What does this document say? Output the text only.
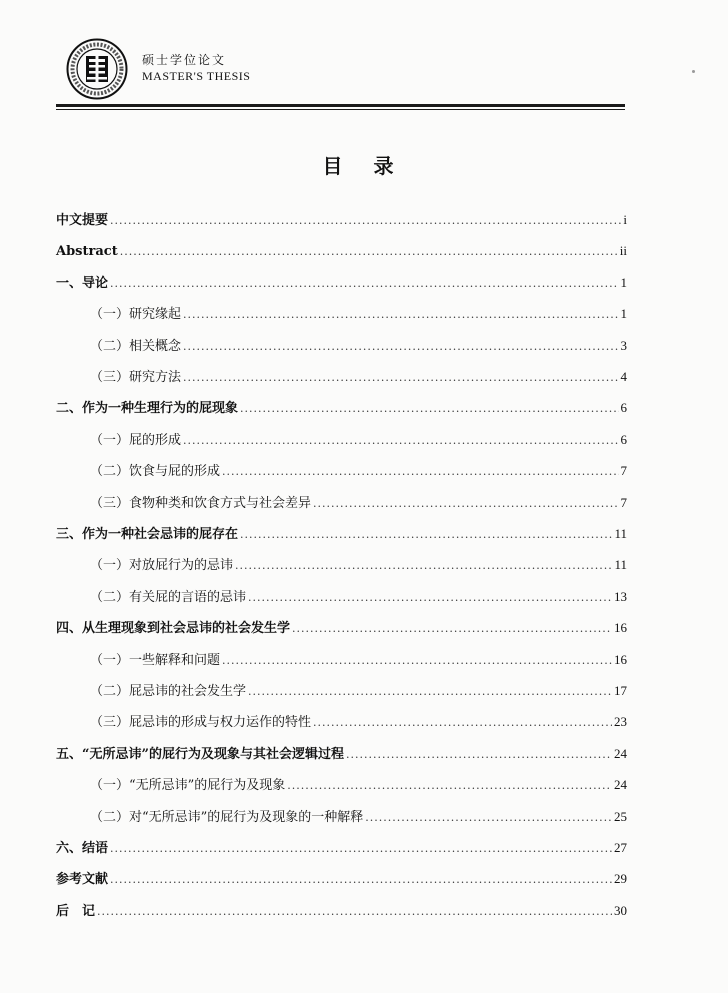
硕士学位论文
MASTER'S THESIS
目 录
中文提要 .....	i
Abstract .....	ii
一、导论 .....	1
（一）研究缘起 .....	1
（二）相关概念 .....	3
（三）研究方法 .....	4
二、作为一种生理行为的屁现象 .....	6
（一）屁的形成 .....	6
（二）饮食与屁的形成 .....	7
（三）食物种类和饮食方式与社会差异 .....	7
三、作为一种社会忌讳的屁存在 .....	11
（一）对放屁行为的忌讳 .....	11
（二）有关屁的言语的忌讳 .....	13
四、从生理现象到社会忌讳的社会发生学 .....	16
（一）一些解释和问题 .....	16
（二）屁忌讳的社会发生学 .....	17
（三）屁忌讳的形成与权力运作的特性 .....	23
五、“无所忌讳”的屁行为及现象与其社会逻辑过程 .....	24
（一）“无所忌讳”的屁行为及现象 .....	24
（二）对“无所忌讳”的屁行为及现象的一种解释 .....	25
六、结语 .....	27
参考文献 .....	29
后　记 .....	30
